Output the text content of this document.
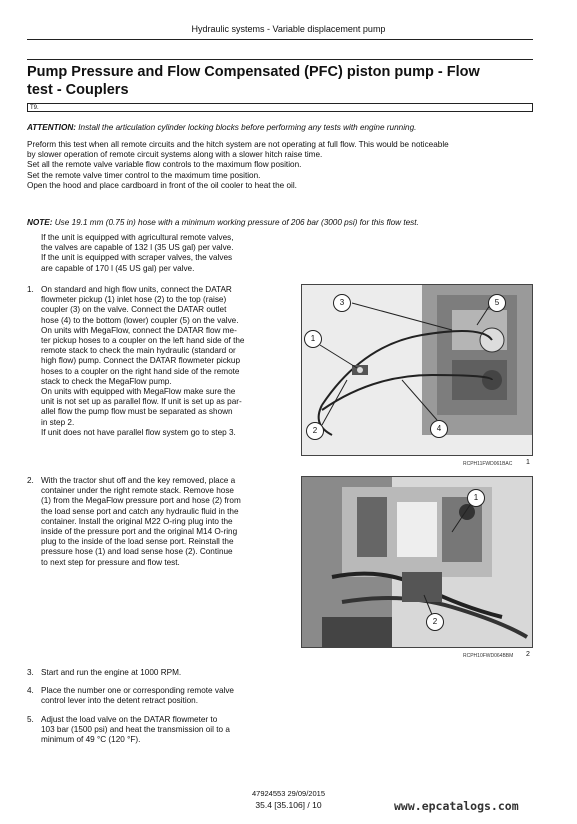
Hydraulic systems - Variable displacement pump
Pump Pressure and Flow Compensated (PFC) piston pump - Flow
test - Couplers
T9.
ATTENTION: Install the articulation cylinder locking blocks before performing any tests with engine running.
Preform this test when all remote circuits and the hitch system are not operating at full flow. This would be noticeable
by slower operation of remote circuit systems along with a slower hitch raise time.
Set all the remote valve variable flow controls to the maximum flow position.
Set the remote valve timer control to the maximum time position.
Open the hood and place cardboard in front of the oil cooler to heat the oil.
NOTE: Use 19.1 mm (0.75 in) hose with a minimum working pressure of 206 bar (3000 psi) for this flow test.
If the unit is equipped with agricultural remote valves,
the valves are capable of 132 l (35 US gal) per valve.
If the unit is equipped with scraper valves, the valves
are capable of 170 l (45 US gal) per valve.
1. On standard and high flow units, connect the DATAR
flowmeter pickup (1) inlet hose (2) to the top (raise)
coupler (3) on the valve. Connect the DATAR outlet
hose (4) to the bottom (lower) coupler (5) on the valve.
On units with MegaFlow, connect the DATAR flow me-
ter pickup hoses to a coupler on the left hand side of the
remote stack to check the main hydraulic (standard or
high flow) pump. Connect the DATAR flowmeter pickup
hoses to a coupler on the right hand side of the remote
stack to check the MegaFlow pump.
On units with equipped with MegaFlow make sure the
unit is not set up as parallel flow. If unit is set up as par-
allel flow the pump flow must be separated as shown
in step 2.
If unit does not have parallel flow system go to step 3.
2. With the tractor shut off and the key removed, place a
container under the right remote stack. Remove hose
(1) from the MegaFlow pressure port and hose (2) from
the load sense port and catch any hydraulic fluid in the
container. Install the original M22 O-ring plug into the
inside of the pressure port and the original M14 O-ring
plug to the inside of the load sense port. Reinstall the
pressure hose (1) and load sense hose (2). Continue
to next step for pressure and flow test.
3. Start and run the engine at 1000 RPM.
4. Place the number one or corresponding remote valve
control lever into the detent retract position.
5. Adjust the load valve on the DATAR flowmeter to
103 bar (1500 psi) and heat the transmission oil to a
minimum of 49 °C (120 °F).
3	5
1
2	4
RCPH11FWD061BAC 1
1
2
RCPH10FWD064BBM 2
47924553 29/09/2015
35.4 [35.106] / 10	www.epcatalogs.com
